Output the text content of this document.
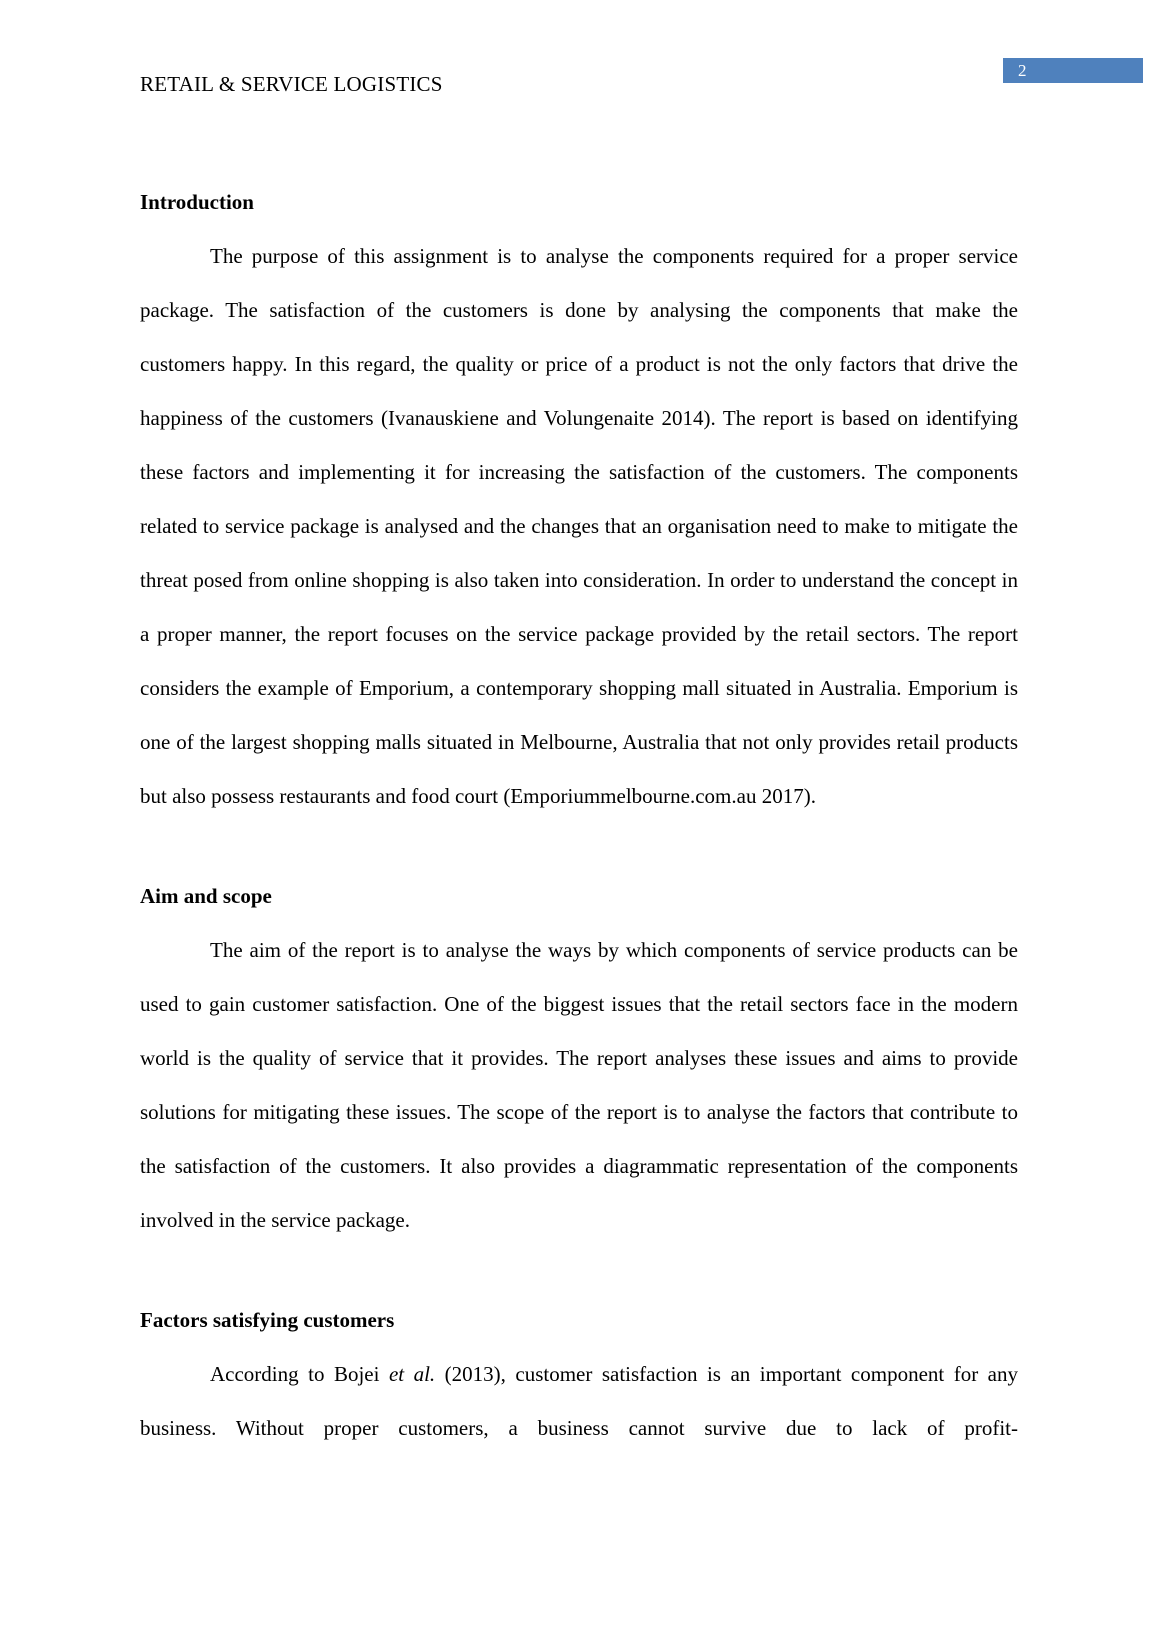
RETAIL & SERVICE LOGISTICS
2
Introduction

The purpose of this assignment is to analyse the components required for a proper service package. The satisfaction of the customers is done by analysing the components that make the customers happy. In this regard, the quality or price of a product is not the only factors that drive the happiness of the customers (Ivanauskiene and Volungenaite 2014). The report is based on identifying these factors and implementing it for increasing the satisfaction of the customers. The components related to service package is analysed and the changes that an organisation need to make to mitigate the threat posed from online shopping is also taken into consideration. In order to understand the concept in a proper manner, the report focuses on the service package provided by the retail sectors. The report considers the example of Emporium, a contemporary shopping mall situated in Australia. Emporium is one of the largest shopping malls situated in Melbourne, Australia that not only provides retail products but also possess restaurants and food court (Emporiummelbourne.com.au 2017).

Aim and scope

The aim of the report is to analyse the ways by which components of service products can be used to gain customer satisfaction. One of the biggest issues that the retail sectors face in the modern world is the quality of service that it provides. The report analyses these issues and aims to provide solutions for mitigating these issues. The scope of the report is to analyse the factors that contribute to the satisfaction of the customers. It also provides a diagrammatic representation of the components involved in the service package.

Factors satisfying customers

According to Bojei et al. (2013), customer satisfaction is an important component for any business. Without proper customers, a business cannot survive due to lack of profit-
